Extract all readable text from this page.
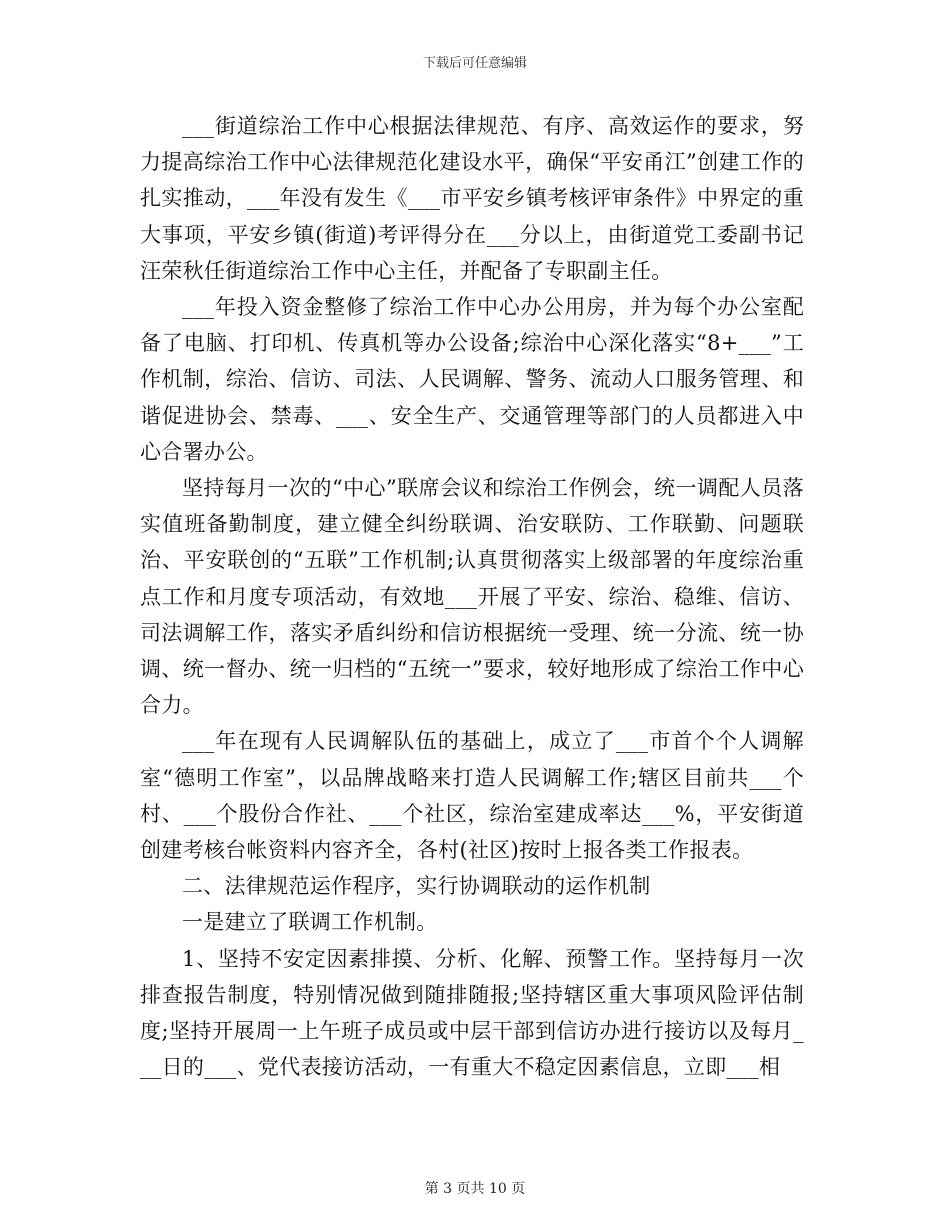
下载后可任意编辑

___街道综治工作中心根据法律规范、有序、高效运作的要求，努力提高综治工作中心法律规范化建设水平，确保“平安甬江”创建工作的扎实推动，___年没有发生《___市平安乡镇考核评审条件》中界定的重大事项，平安乡镇(街道)考评得分在___分以上，由街道党工委副书记汪荣秋任街道综治工作中心主任，并配备了专职副主任。

___年投入资金整修了综治工作中心办公用房，并为每个办公室配备了电脑、打印机、传真机等办公设备;综治中心深化落实“8+___”工作机制，综治、信访、司法、人民调解、警务、流动人口服务管理、和谐促进协会、禁毒、___、安全生产、交通管理等部门的人员都进入中心合署办公。

坚持每月一次的“中心”联席会议和综治工作例会，统一调配人员落实值班备勤制度，建立健全纠纷联调、治安联防、工作联勤、问题联治、平安联创的“五联”工作机制;认真贯彻落实上级部署的年度综治重点工作和月度专项活动，有效地___开展了平安、综治、稳维、信访、司法调解工作，落实矛盾纠纷和信访根据统一受理、统一分流、统一协调、统一督办、统一归档的“五统一”要求，较好地形成了综治工作中心合力。

___年在现有人民调解队伍的基础上，成立了___市首个个人调解室“德明工作室”，以品牌战略来打造人民调解工作;辖区目前共___个村、___个股份合作社、___个社区，综治室建成率达___%，平安街道创建考核台帐资料内容齐全，各村(社区)按时上报各类工作报表。

二、法律规范运作程序，实行协调联动的运作机制

一是建立了联调工作机制。

1、坚持不安定因素排摸、分析、化解、预警工作。坚持每月一次排查报告制度，特别情况做到随排随报;坚持辖区重大事项风险评估制度;坚持开展周一上午班子成员或中层干部到信访办进行接访以及每月___日的___、党代表接访活动，一有重大不稳定因素信息，立即___相

第 3 页共 10 页
